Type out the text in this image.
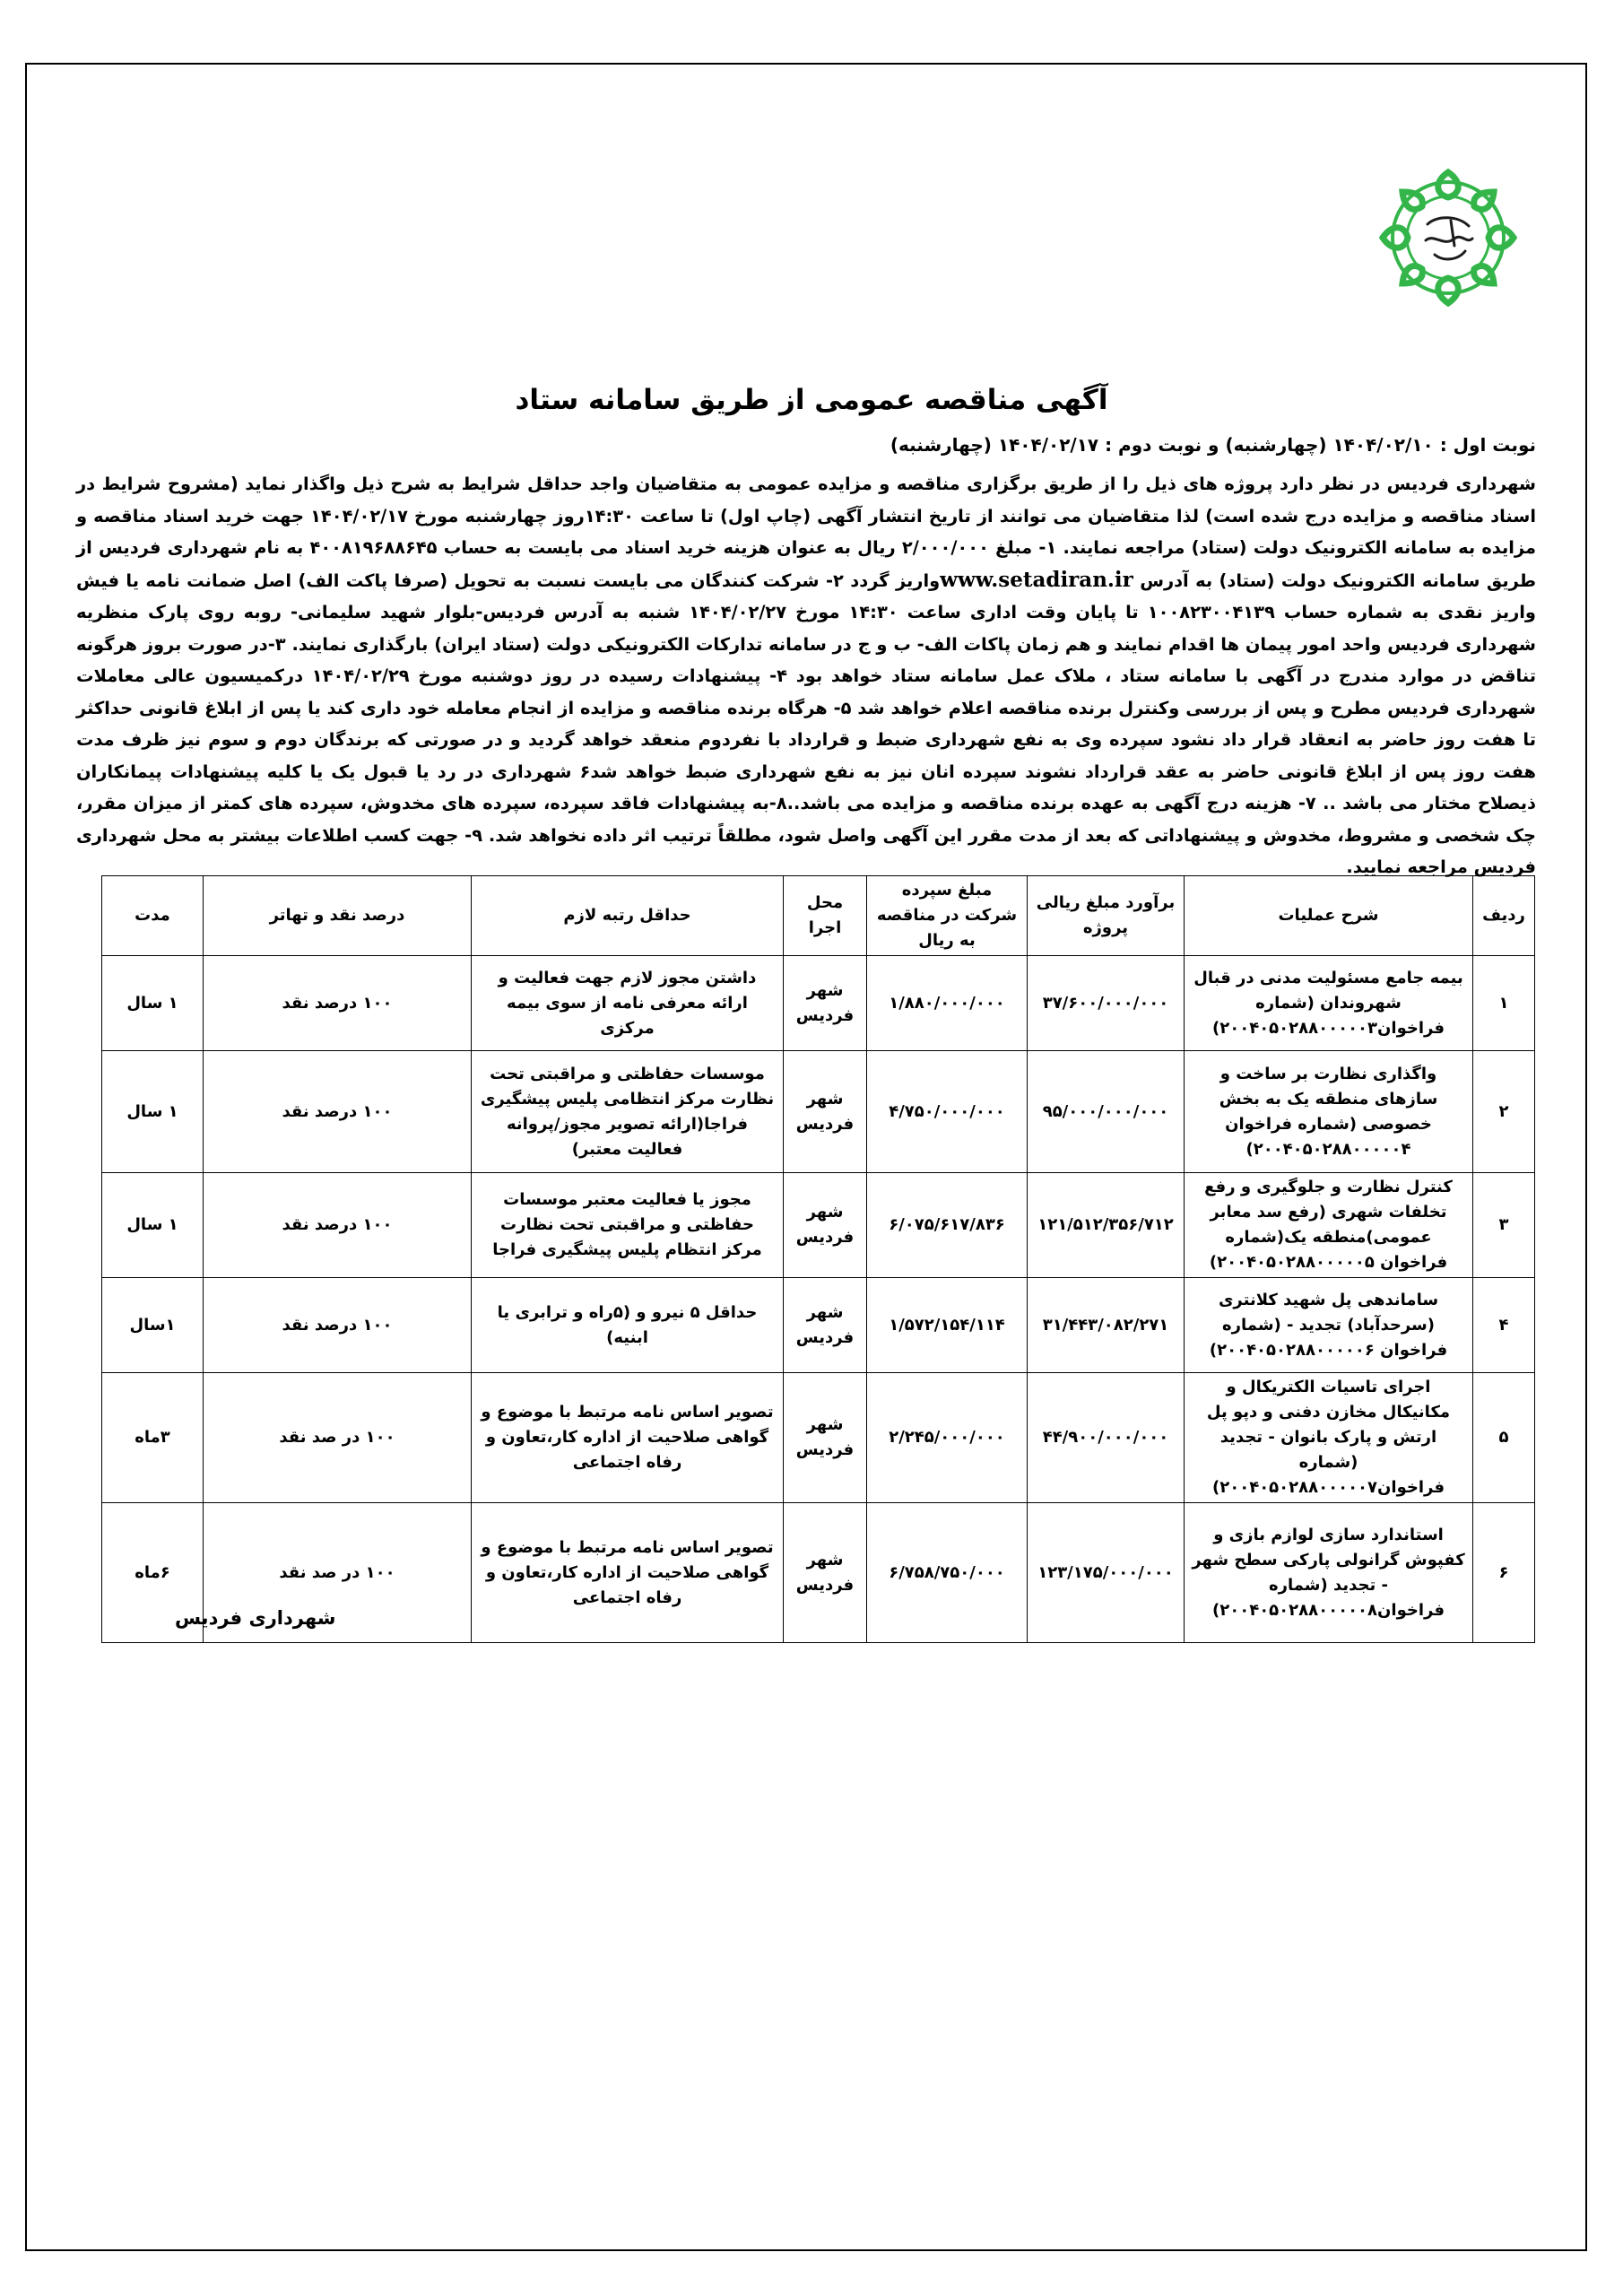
آگهی مناقصه عمومی از طریق سامانه ستاد
نوبت اول : ۱۴۰۴/۰۲/۱۰ (چهارشنبه) و نوبت دوم : ۱۴۰۴/۰۲/۱۷ (چهارشنبه)
شهرداری فردیس در نظر دارد پروژه های ذیل را از طریق برگزاری مناقصه و مزایده عمومی به متقاضیان واجد حداقل شرایط به شرح ذیل واگذار نماید (مشروح شرایط در اسناد مناقصه و مزایده درج شده است) لذا متقاضیان می توانند از تاریخ انتشار آگهی (چاپ اول) تا ساعت ۱۴:۳۰روز چهارشنبه مورخ ۱۴۰۴/۰۲/۱۷ جهت خرید اسناد مناقصه و مزایده به سامانه الکترونیک دولت (ستاد) مراجعه نمایند. ۱- مبلغ ۲/۰۰۰/۰۰۰ ریال به عنوان هزینه خرید اسناد می بایست به حساب ۴۰۰۸۱۹۶۸۸۶۴۵ به نام شهرداری فردیس از طریق سامانه الکترونیک دولت (ستاد) به آدرس www.setadiran.irواریز گردد ۲- شرکت کنندگان می بایست نسبت به تحویل (صرفا پاکت الف) اصل ضمانت نامه یا فیش واریز نقدی به شماره حساب ۱۰۰۸۲۳۰۰۴۱۳۹ تا پایان وقت اداری ساعت ۱۴:۳۰ مورخ ۱۴۰۴/۰۲/۲۷ شنبه به آدرس فردیس-بلوار شهید سلیمانی- روبه روی پارک منظریه شهرداری فردیس واحد امور پیمان ها اقدام نمایند و هم زمان پاکات الف- ب و ج در سامانه تدارکات الکترونیکی دولت (ستاد ایران) بارگذاری نمایند. ۳-در صورت بروز هرگونه تناقض در موارد مندرج در آگهی با سامانه ستاد ، ملاک عمل سامانه ستاد خواهد بود ۴- پیشنهادات رسیده در روز دوشنبه مورخ ۱۴۰۴/۰۲/۲۹ درکمیسیون عالی معاملات شهرداری فردیس مطرح و پس از بررسی وکنترل برنده مناقصه اعلام خواهد شد ۵- هرگاه برنده مناقصه و مزایده از انجام معامله خود داری کند یا پس از ابلاغ قانونی حداکثر تا هفت روز حاضر به انعقاد قرار داد نشود سپرده وی به نفع شهرداری ضبط و قرارداد با نفردوم منعقد خواهد گردید و در صورتی که برندگان دوم و سوم نیز ظرف مدت هفت روز پس از ابلاغ قانونی حاضر به عقد قرارداد نشوند سپرده انان نیز به نفع شهرداری ضبط خواهد شد۶ شهرداری در رد یا قبول یک یا کلیه پیشنهادات پیمانکاران ذیصلاح مختار می باشد .. ۷- هزینه درج آگهی به عهده برنده مناقصه و مزایده می باشد..۸-به پیشنهادات فاقد سپرده، سپرده های مخدوش، سپرده های کمتر از میزان مقرر، چک شخصی و مشروط، مخدوش و پیشنهاداتی که بعد از مدت مقرر این آگهی واصل شود، مطلقاً ترتیب اثر داده نخواهد شد. ۹- جهت کسب اطلاعات بیشتر به محل شهرداری فردیس مراجعه نمایید.
ردیف	شرح عملیات	برآورد مبلغ ریالی پروژه	مبلغ سپرده شرکت در مناقصه به ریال	محل اجرا	حداقل رتبه لازم	درصد نقد و تهاتر	مدت
۱	بیمه جامع مسئولیت مدنی در قبال شهروندان (شماره فراخوان۲۰۰۴۰۵۰۲۸۸۰۰۰۰۰۳)	۳۷/۶۰۰/۰۰۰/۰۰۰	۱/۸۸۰/۰۰۰/۰۰۰	شهر فردیس	داشتن مجوز لازم جهت فعالیت و ارائه معرفی نامه از سوی بیمه مرکزی	۱۰۰ درصد نقد	۱ سال
۲	واگذاری نظارت بر ساخت و سازهای منطقه یک به بخش خصوصی (شماره فراخوان ۲۰۰۴۰۵۰۲۸۸۰۰۰۰۰۴)	۹۵/۰۰۰/۰۰۰/۰۰۰	۴/۷۵۰/۰۰۰/۰۰۰	شهر فردیس	موسسات حفاظتی و مراقبتی تحت نظارت مرکز انتظامی پلیس پیشگیری فراجا(ارائه تصویر مجوز/پروانه فعالیت معتبر)	۱۰۰ درصد نقد	۱ سال
۳	کنترل نظارت و جلوگیری و رفع تخلفات شهری (رفع سد معابر عمومی)منطقه یک(شماره فراخوان ۲۰۰۴۰۵۰۲۸۸۰۰۰۰۰۵)	۱۲۱/۵۱۲/۳۵۶/۷۱۲	۶/۰۷۵/۶۱۷/۸۳۶	شهر فردیس	مجوز یا فعالیت معتبر موسسات حفاظتی و مراقبتی تحت نظارت مرکز انتظام پلیس پیشگیری فراجا	۱۰۰ درصد نقد	۱ سال
۴	ساماندهی پل شهید کلانتری (سرحدآباد) تجدید - (شماره فراخوان ۲۰۰۴۰۵۰۲۸۸۰۰۰۰۰۶)	۳۱/۴۴۳/۰۸۲/۲۷۱	۱/۵۷۲/۱۵۴/۱۱۴	شهر فردیس	حداقل ۵ نیرو و (۵راه و ترابری یا ابنیه)	۱۰۰ درصد نقد	۱سال
۵	اجرای تاسیات الکتریکال و مکانیکال مخازن دفنی و دپو پل ارتش و پارک بانوان - تجدید (شماره فراخوان۲۰۰۴۰۵۰۲۸۸۰۰۰۰۰۷)	۴۴/۹۰۰/۰۰۰/۰۰۰	۲/۲۴۵/۰۰۰/۰۰۰	شهر فردیس	تصویر اساس نامه مرتبط با موضوع و گواهی صلاحیت از اداره کار،تعاون و رفاه اجتماعی	۱۰۰ در صد نقد	۳ماه
۶	استاندارد سازی لوازم بازی و کفپوش گرانولی پارکی سطح شهر - تجدید (شماره فراخوان۲۰۰۴۰۵۰۲۸۸۰۰۰۰۰۸)	۱۲۳/۱۷۵/۰۰۰/۰۰۰	۶/۷۵۸/۷۵۰/۰۰۰	شهر فردیس	تصویر اساس نامه مرتبط با موضوع و گواهی صلاحیت از اداره کار،تعاون و رفاه اجتماعی	۱۰۰ در صد نقد	۶ماه
شهرداری فردیس
